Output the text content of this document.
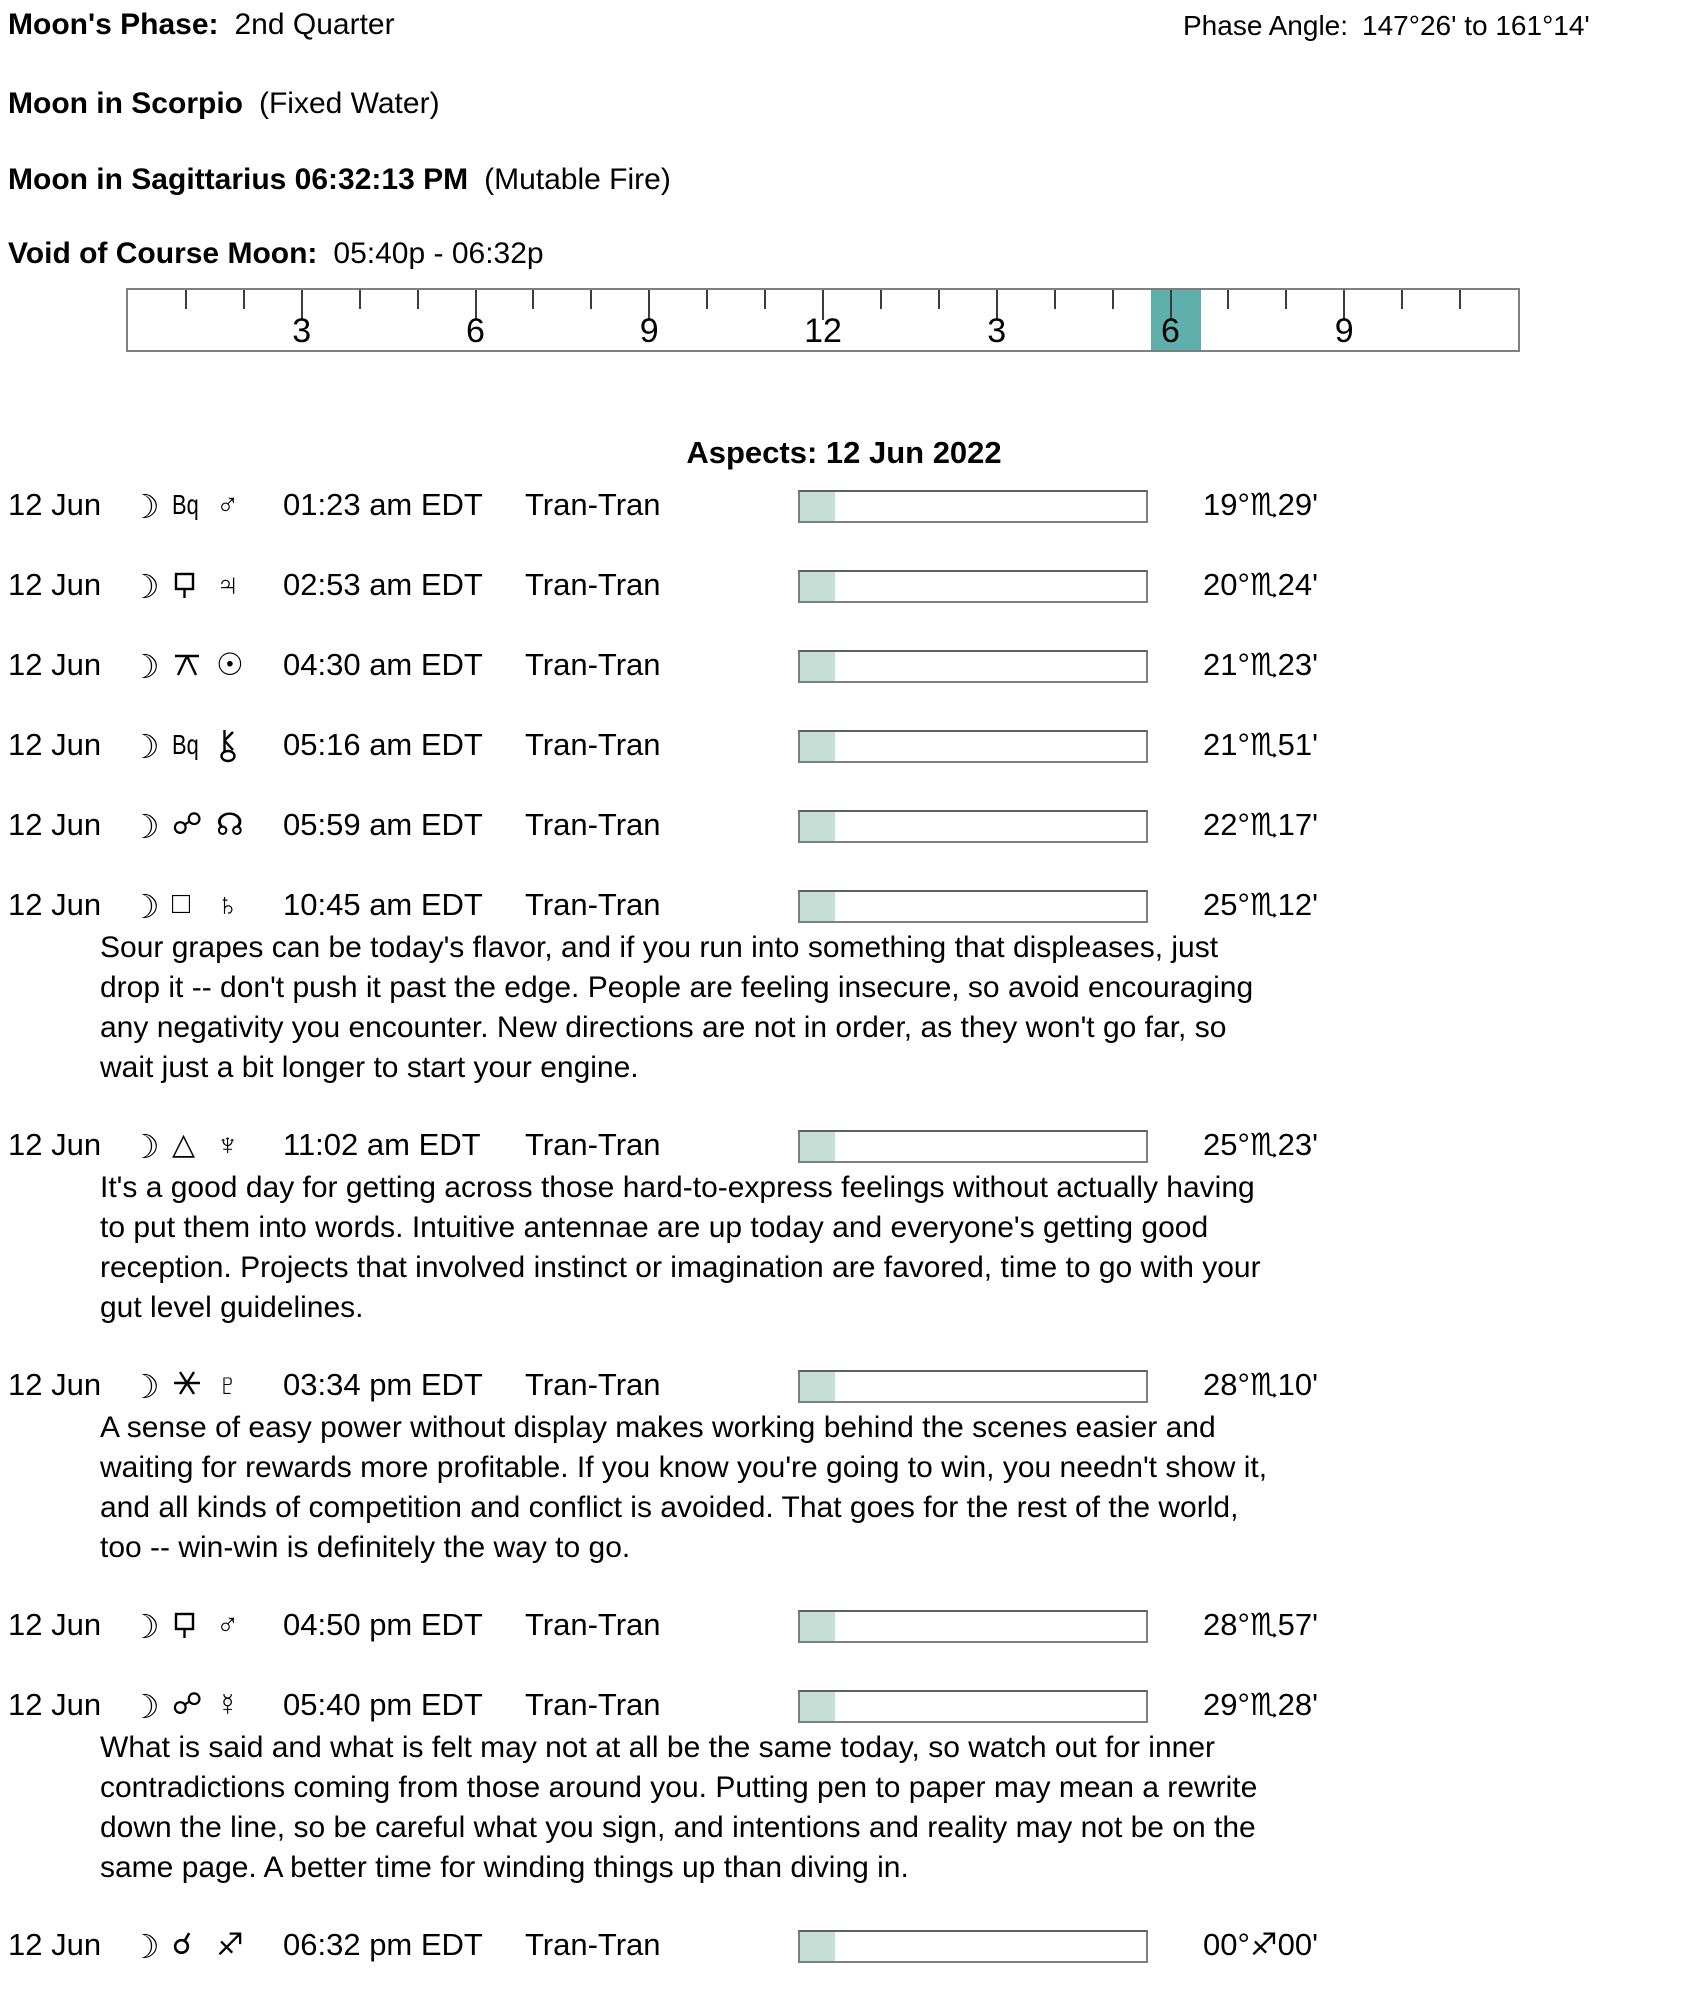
Moon's Phase: 2nd Quarter	Phase Angle: 147°26' to 161°14'
Moon in Scorpio (Fixed Water)
Moon in Sagittarius 06:32:13 PM (Mutable Fire)
Void of Course Moon: 05:40p - 06:32p
3	6	9	12	3	6	9
Aspects: 12 Jun 2022
12 Jun ☽ Bq ♂ 01:23 am EDT Tran-Tran	19°♏29'
12 Jun ☽ ♃ 02:53 am EDT Tran-Tran	20°♏24'
12 Jun ☽ ☉ 04:30 am EDT Tran-Tran	21°♏23'
12 Jun ☽ Bq	05:16 am EDT Tran-Tran	21°♏51'
12 Jun ☽ ☍ ☊ 05:59 am EDT Tran-Tran	22°♏17'
12 Jun ☽ □ ♄ 10:45 am EDT Tran-Tran	25°♏12'
Sour grapes can be today's flavor, and if you run into something that displeases, just drop it -- don't push it past the edge. People are feeling insecure, so avoid encouraging any negativity you encounter. New directions are not in order, as they won't go far, so wait just a bit longer to start your engine.
12 Jun ☽ △ ♆ 11:02 am EDT Tran-Tran	25°♏23'
It's a good day for getting across those hard-to-express feelings without actually having to put them into words. Intuitive antennae are up today and everyone's getting good reception. Projects that involved instinct or imagination are favored, time to go with your gut level guidelines.
12 Jun ☽ ♇ 03:34 pm EDT Tran-Tran	28°♏10'
A sense of easy power without display makes working behind the scenes easier and waiting for rewards more profitable. If you know you're going to win, you needn't show it, and all kinds of competition and conflict is avoided. That goes for the rest of the world, too -- win-win is definitely the way to go.
12 Jun ☽ ♂ 04:50 pm EDT Tran-Tran	28°♏57'
12 Jun ☽ ☍ ☿ 05:40 pm EDT Tran-Tran	29°♏28'
What is said and what is felt may not at all be the same today, so watch out for inner contradictions coming from those around you. Putting pen to paper may mean a rewrite down the line, so be careful what you sign, and intentions and reality may not be on the same page. A better time for winding things up than diving in.
12 Jun ☽ ☌ ♐ 06:32 pm EDT Tran-Tran	00°♐00'
